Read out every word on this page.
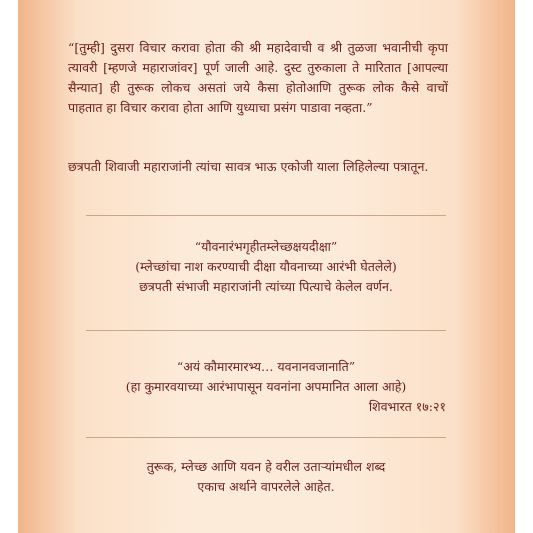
“[तुम्ही] दुसरा विचार करावा होता की श्री महादेवाची व श्री तुळजा भवानीची कृपा त्यावरी [म्हणजे महाराजांवर] पूर्ण जाली आहे. दुस्ट तुरुकाला ते मारितात [आपल्या सैन्यात] ही तुरूक लोकच असतां जये कैसा होतोआणि तुरूक लोक कैसे वाचों पाहतात हा विचार करावा होता आणि युध्याचा प्रसंग पाडावा नव्हता.”

छत्रपती शिवाजी महाराजांनी त्यांचा सावत्र भाऊ एकोजी याला लिहिलेल्या पत्रातून.

“यौवनारंभगृहीतम्लेच्छक्षयदीक्षा”
(म्लेच्छांचा नाश करण्याची दीक्षा यौवनाच्या आरंभी घेतलेले)
छत्रपती संभाजी महाराजांनी त्यांच्या पित्याचे केलेल वर्णन.
“अयं कौमारमारभ्य… यवनानवजानाति”
(हा कुमारवयाच्या आरंभापासून यवनांना अपमानित आला आहे)
शिवभारत १७:२१
तुरूक, म्लेच्छ आणि यवन हे वरील उताऱ्यांमधील शब्द
एकाच अर्थाने वापरलेले आहेत.
